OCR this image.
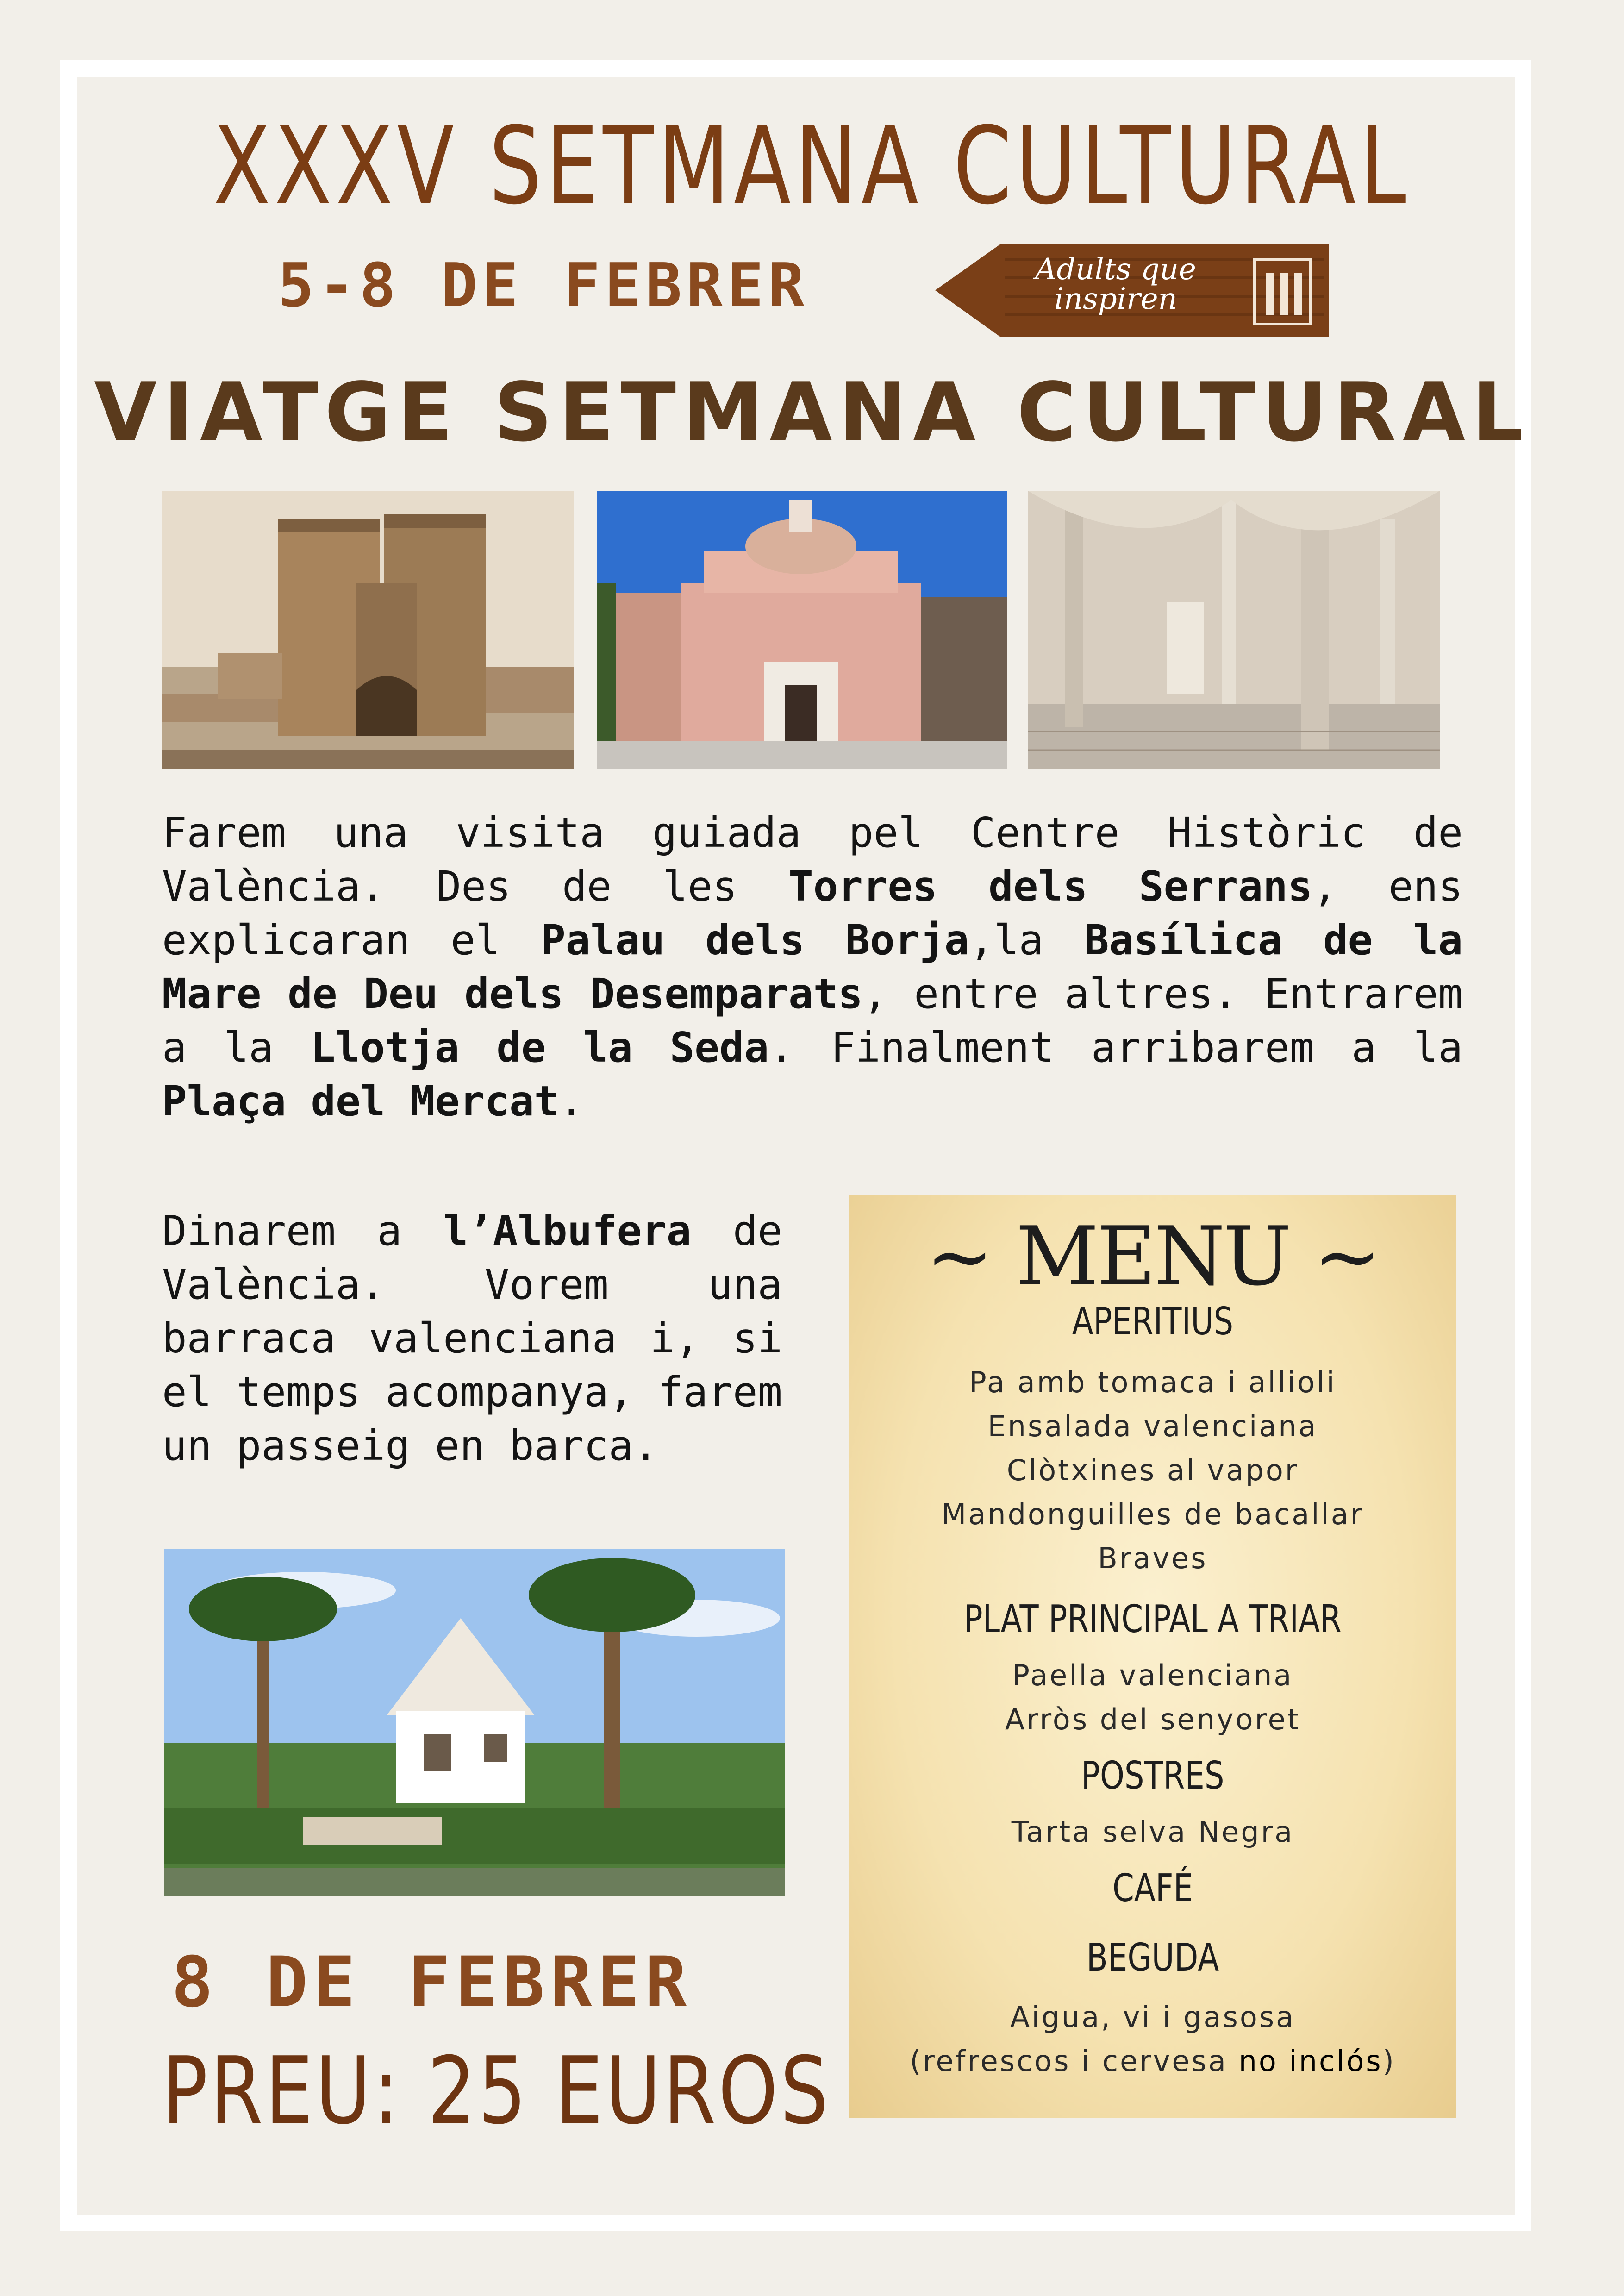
XXXV SETMANA CULTURAL
5-8 DE FEBRER	Adults que
inspiren
VIATGE SETMANA CULTURAL
Farem una visita guiada pel Centre Històric de València. Des de les Torres dels Serrans, ens explicaran el Palau dels Borja,la Basílica de la Mare de Deu dels Desemparats, entre altres. Entrarem a la Llotja de la Seda. Finalment arribarem a la Plaça del Mercat.
Dinarem a l’Albufera de València. Vorem una barraca valenciana i, si el temps acompanya, farem un passeig en barca.
8 DE FEBRER
PREU: 25 EUROS
~ MENU ~
APERITIUS
Pa amb tomaca i allioli
Ensalada valenciana
Clòtxines al vapor
Mandonguilles de bacallar
Braves
PLAT PRINCIPAL A TRIAR
Paella valenciana
Arròs del senyoret
POSTRES
Tarta selva Negra
CAFÉ
BEGUDA
Aigua, vi i gasosa
(refrescos i cervesa no inclós)
